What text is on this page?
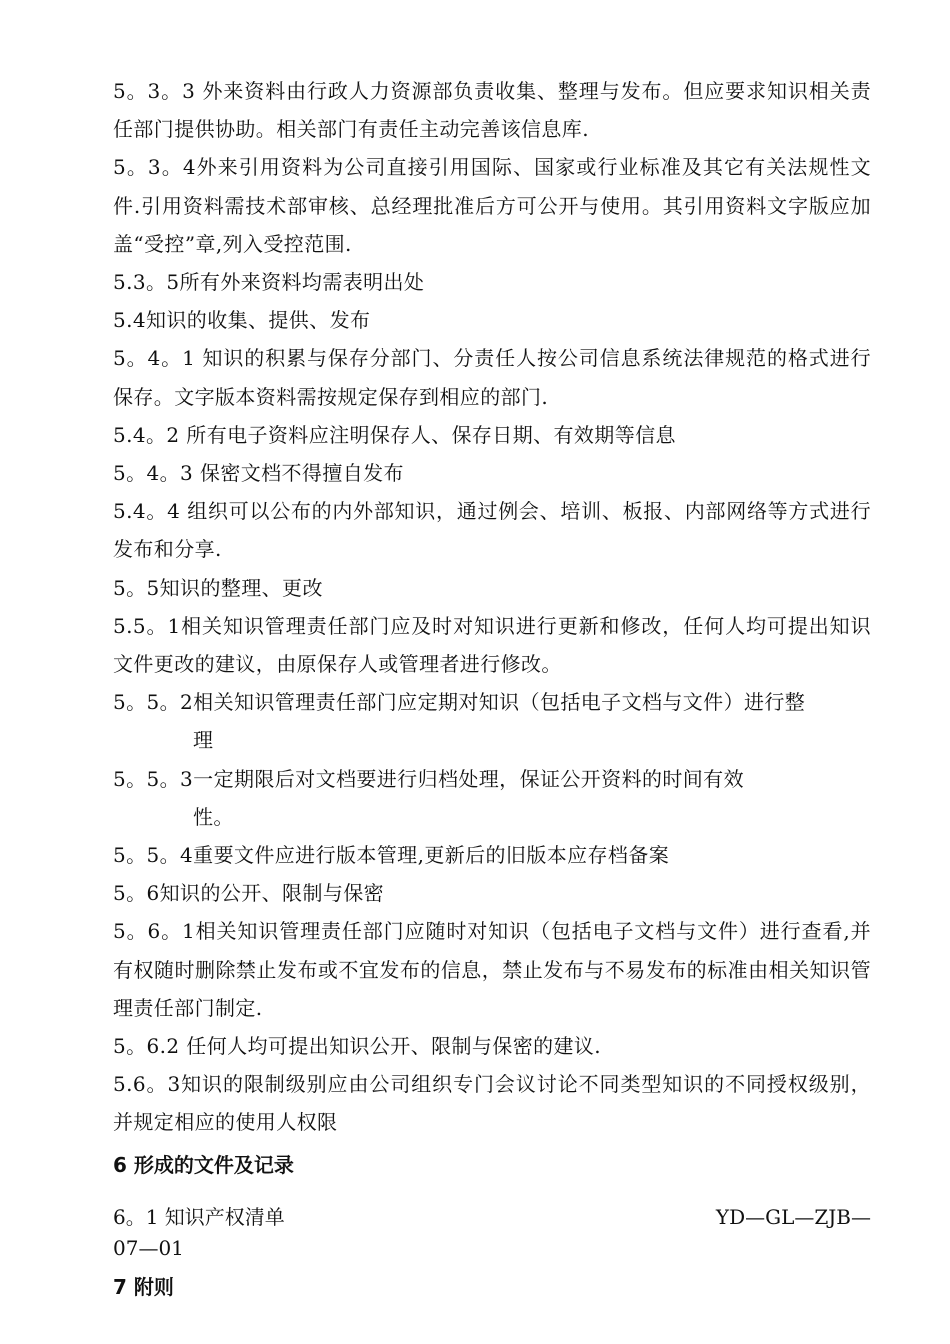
5。3。3 外来资料由行政人力资源部负责收集、整理与发布。但应要求知识相关责任部门提供协助。相关部门有责任主动完善该信息库.

5。3。4外来引用资料为公司直接引用国际、国家或行业标准及其它有关法规性文件.引用资料需技术部审核、总经理批准后方可公开与使用。其引用资料文字版应加盖“受控”章,列入受控范围.

5.3。5所有外来资料均需表明出处

5.4知识的收集、提供、发布

5。4。1 知识的积累与保存分部门、分责任人按公司信息系统法律规范的格式进行保存。文字版本资料需按规定保存到相应的部门.

5.4。2 所有电子资料应注明保存人、保存日期、有效期等信息

5。4。3 保密文档不得擅自发布

5.4。4 组织可以公布的内外部知识，通过例会、培训、板报、内部网络等方式进行发布和分享.

5。5知识的整理、更改

5.5。1相关知识管理责任部门应及时对知识进行更新和修改，任何人均可提出知识文件更改的建议，由原保存人或管理者进行修改。

5。5。2相关知识管理责任部门应定期对知识（包括电子文档与文件）进行整

理

5。5。3一定期限后对文档要进行归档处理，保证公开资料的时间有效

性。

5。5。4重要文件应进行版本管理,更新后的旧版本应存档备案

5。6知识的公开、限制与保密

5。6。1相关知识管理责任部门应随时对知识（包括电子文档与文件）进行查看,并有权随时删除禁止发布或不宜发布的信息，禁止发布与不易发布的标准由相关知识管理责任部门制定.

5。6.2 任何人均可提出知识公开、限制与保密的建议.

5.6。3知识的限制级别应由公司组织专门会议讨论不同类型知识的不同授权级别，并规定相应的使用人权限

6 形成的文件及记录

6。1 知识产权清单	YD—GL—ZJB—

07—01

7 附则
